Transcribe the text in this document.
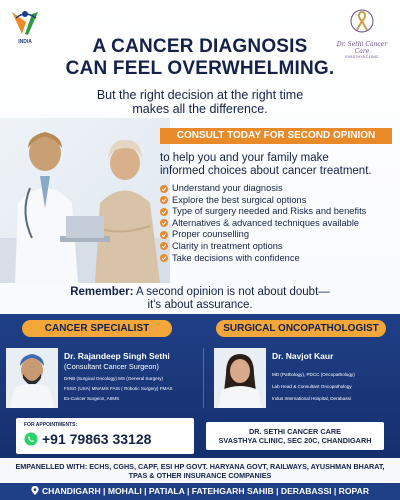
INDIA	Dr. Sethi Cancer Care
SVASTHYA CLINIC
A CANCER DIAGNOSIS
CAN FEEL OVERWHELMING.
But the right decision at the right time
makes all the difference.
CONSULT TODAY FOR SECOND OPINION
to help you and your family make
informed choices about cancer treatment.
Understand your diagnosis
Explore the best surgical options
Type of surgery needed and Risks and benefits
Alternatives & advanced techniques available
Proper counselling
Clarity in treatment options
Take decisions with confidence
Remember: A second opinion is not about doubt—
it's about assurance.
CANCER SPECIALIST	SURGICAL ONCOPATHOLOGIST
Dr. Rajandeep Singh Sethi
(Consultant Cancer Surgeon)
DrNB (Surgical Oncology) MS (General Surgery)
FSSO (USA) MNAMS FAIS ( Robotic Surgery) FMAS
Ex-Cancer Surgeon, AIIMS
Dr. Navjot Kaur
MD (Pathology), PDCC (Oncopathology)
Lab Head & Consultant Oncopathology
Indus International Hospital, Derabassi
FOR APPOINTMENTS:
+91 79863 33128	DR. SETHI CANCER CARE
SVASTHYA CLINIC, SEC 20C, CHANDIGARH
EMPANELLED WITH: ECHS, CGHS, CAPF, ESI HP GOVT. HARYANA GOVT, RAILWAYS, AYUSHMAN BHARAT,
TPAS & OTHER INSURANCE COMPANIES
CHANDIGARH | MOHALI | PATIALA | FATEHGARH SAHIB | DERABASSI | ROPAR
